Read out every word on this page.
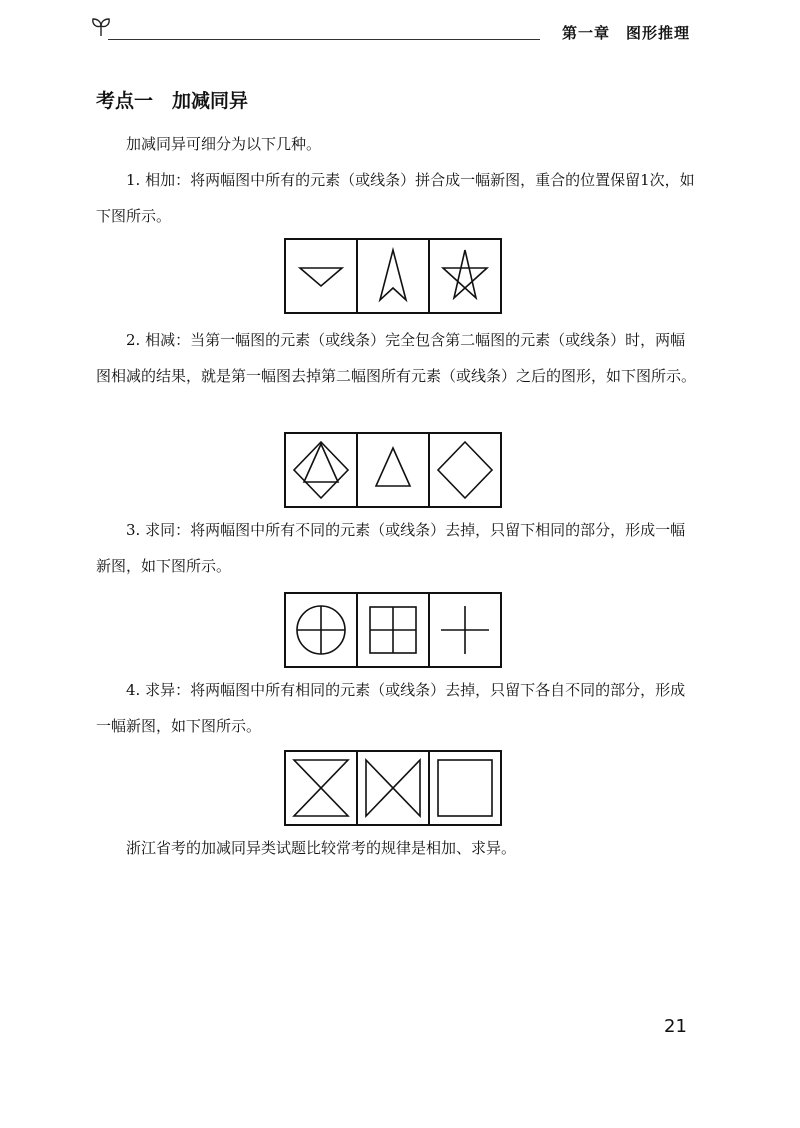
第一章　图形推理
考点一　加减同异

加减同异可细分为以下几种。

1. 相加：将两幅图中所有的元素（或线条）拼合成一幅新图，重合的位置保留1次，如下图所示。

2. 相减：当第一幅图的元素（或线条）完全包含第二幅图的元素（或线条）时，两幅图相减的结果，就是第一幅图去掉第二幅图所有元素（或线条）之后的图形，如下图所示。

3. 求同：将两幅图中所有不同的元素（或线条）去掉，只留下相同的部分，形成一幅新图，如下图所示。

4. 求异：将两幅图中所有相同的元素（或线条）去掉，只留下各自不同的部分，形成一幅新图，如下图所示。

浙江省考的加减同异类试题比较常考的规律是相加、求异。

21
